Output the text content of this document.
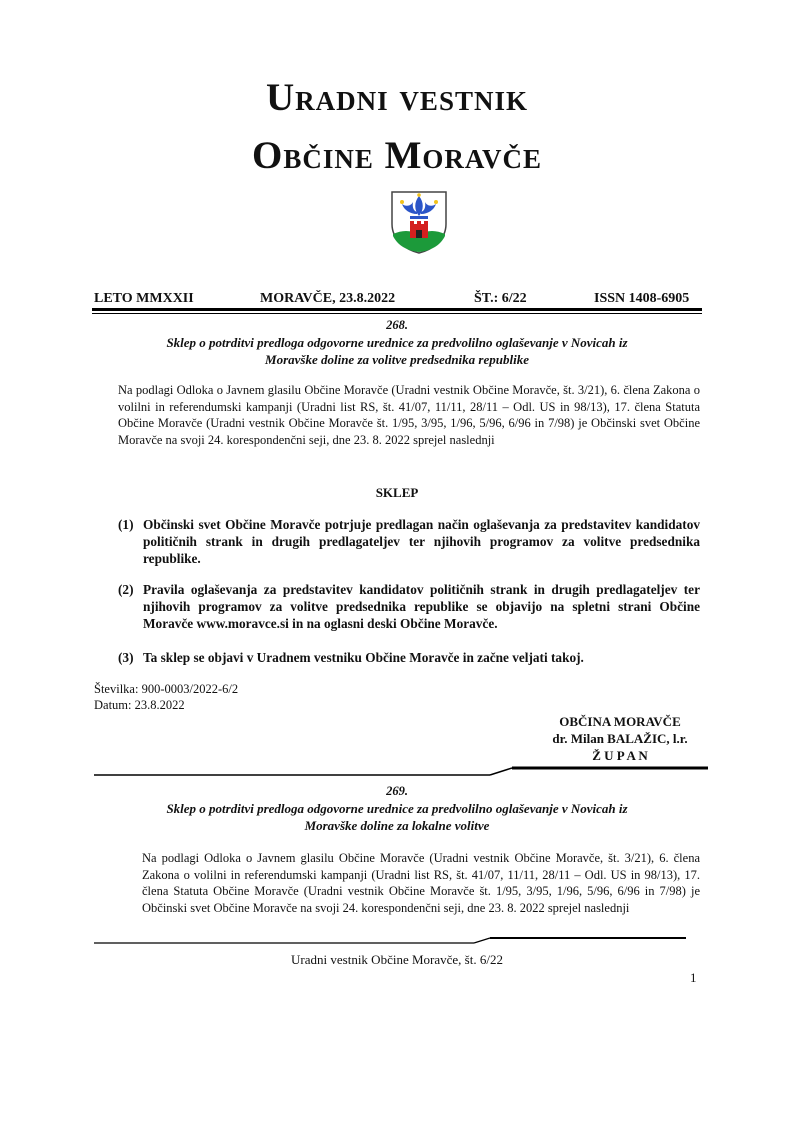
Uradni vestnik
Občine Moravče
LETO MMXXII	MORAVČE, 23.8.2022	ŠT.: 6/22	ISSN 1408-6905
268.
Sklep o potrditvi predloga odgovorne urednice za predvolilno oglaševanje v Novicah iz
Moravške doline za volitve predsednika republike
Na podlagi Odloka o Javnem glasilu Občine Moravče (Uradni vestnik Občine Moravče, št. 3/21), 6. člena Zakona o volilni in referendumski kampanji (Uradni list RS, št. 41/07, 11/11, 28/11 – Odl. US in 98/13), 17. člena Statuta Občine Moravče (Uradni vestnik Občine Moravče št. 1/95, 3/95, 1/96, 5/96, 6/96 in 7/98) je Občinski svet Občine Moravče na svoji 24. korespondenčni seji, dne 23. 8. 2022 sprejel naslednji
SKLEP
(1) Občinski svet Občine Moravče potrjuje predlagan način oglaševanja za predstavitev kandidatov političnih strank in drugih predlagateljev ter njihovih programov za volitve predsednika republike.
(2) Pravila oglaševanja za predstavitev kandidatov političnih strank in drugih predlagateljev ter njihovih programov za volitve predsednika republike se objavijo na spletni strani Občine Moravče www.moravce.si in na oglasni deski Občine Moravče.
(3) Ta sklep se objavi v Uradnem vestniku Občine Moravče in začne veljati takoj.
Številka: 900-0003/2022-6/2
Datum: 23.8.2022
OBČINA MORAVČE
dr. Milan BALAŽIC, l.r.
Ž U P A N
269.
Sklep o potrditvi predloga odgovorne urednice za predvolilno oglaševanje v Novicah iz
Moravške doline za lokalne volitve
Na podlagi Odloka o Javnem glasilu Občine Moravče (Uradni vestnik Občine Moravče, št. 3/21), 6. člena Zakona o volilni in referendumski kampanji (Uradni list RS, št. 41/07, 11/11, 28/11 – Odl. US in 98/13), 17. člena Statuta Občine Moravče (Uradni vestnik Občine Moravče št. 1/95, 3/95, 1/96, 5/96, 6/96 in 7/98) je Občinski svet Občine Moravče na svoji 24. korespondenčni seji, dne 23. 8. 2022 sprejel naslednji
Uradni vestnik Občine Moravče, št. 6/22
1
